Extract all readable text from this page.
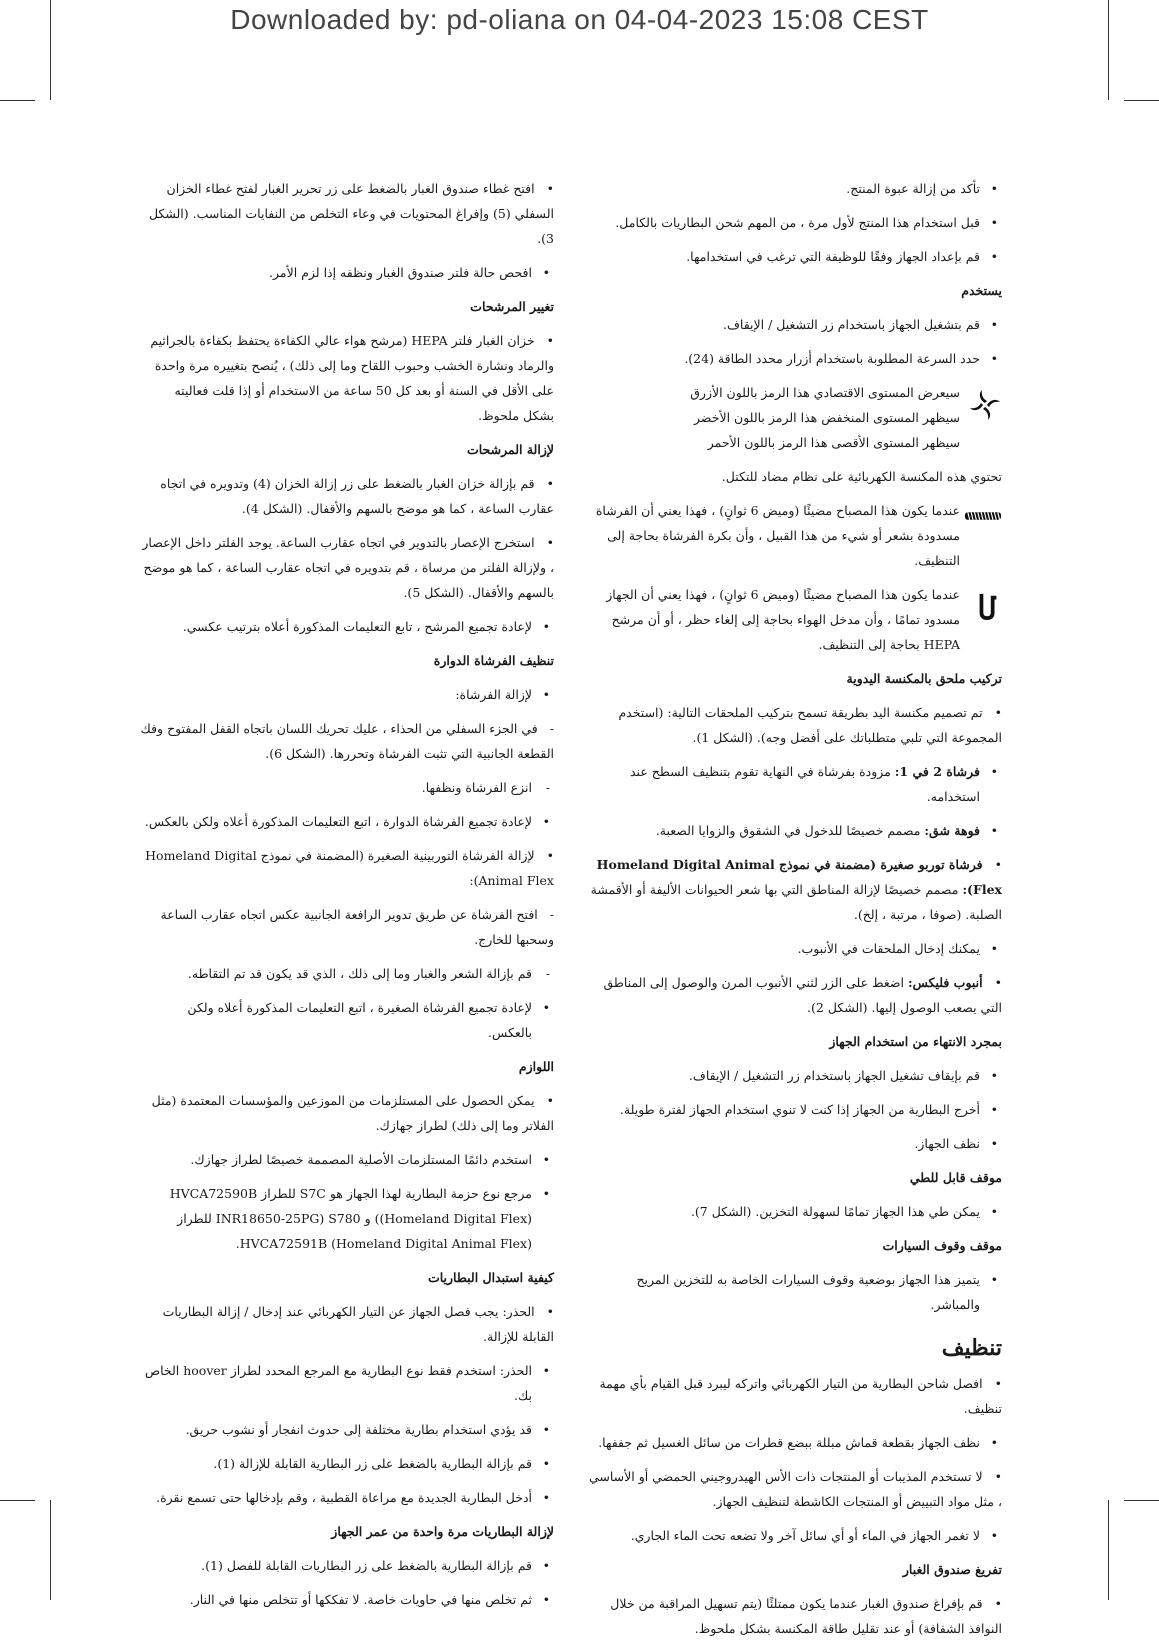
Downloaded by: pd-oliana on 04-04-2023 15:08 CEST
•
تأكد من إزالة عبوة المنتج.
•
قبل استخدام هذا المنتج لأول مرة ، من المهم شحن البطاريات بالكامل.
•
قم بإعداد الجهاز وفقًا للوظيفة التي ترغب في استخدامها.
يستخدم
•
قم بتشغيل الجهاز باستخدام زر التشغيل / الإيقاف.
•
حدد السرعة المطلوبة باستخدام أزرار محدد الطاقة (24).
سيعرض المستوى الاقتصادي هذا الرمز باللون الأزرق
سيظهر المستوى المنخفض هذا الرمز باللون الأخضر
سيظهر المستوى الأقصى هذا الرمز باللون الأحمر
تحتوي هذه المكنسة الكهربائية على نظام مضاد للتكتل.
عندما يكون هذا المصباح مضيئًا (وميض 6 ثوانٍ) ، فهذا يعني أن الفرشاة مسدودة بشعر أو شيء من هذا القبيل ، وأن بكرة الفرشاة بحاجة إلى التنظيف.
عندما يكون هذا المصباح مضيئًا (وميض 6 ثوانٍ) ، فهذا يعني أن الجهاز مسدود تمامًا ، وأن مدخل الهواء بحاجة إلى إلغاء حظر ، أو أن مرشح HEPA بحاجة إلى التنظيف.
تركيب ملحق بالمكنسة اليدوية
•تم تصميم مكنسة اليد بطريقة تسمح بتركيب الملحقات التالية: (استخدم المجموعة التي تلبي متطلباتك على أفضل وجه). (الشكل 1).
•
فرشاة 2 في 1: مزودة بفرشاة في النهاية تقوم بتنظيف السطح عند استخدامه.
•
فوهة شق: مصمم خصيصًا للدخول في الشقوق والزوايا الصعبة.
•فرشاة توربو صغيرة (مضمنة في نموذج Homeland Digital Animal Flex): مصمم خصيصًا لإزالة المناطق التي بها شعر الحيوانات الأليفة أو الأقمشة الصلبة. (صوفا ، مرتبة ، إلخ).
•
يمكنك إدخال الملحقات في الأنبوب.
•أنبوب فليكس: اضغط على الزر لثني الأنبوب المرن والوصول إلى المناطق التي يصعب الوصول إليها. (الشكل 2).
بمجرد الانتهاء من استخدام الجهاز
•
قم بإيقاف تشغيل الجهاز باستخدام زر التشغيل / الإيقاف.
•
أخرج البطارية من الجهاز إذا كنت لا تنوي استخدام الجهاز لفترة طويلة.
•
نظف الجهاز.
موقف قابل للطي
•
يمكن طي هذا الجهاز تمامًا لسهولة التخزين. (الشكل 7).
موقف وقوف السيارات
•
يتميز هذا الجهاز بوضعية وقوف السيارات الخاصة به للتخزين المريح والمباشر.
تنظيف
•افصل شاحن البطارية من التيار الكهربائي واتركه ليبرد قبل القيام بأي مهمة تنظيف.
•
نظف الجهاز بقطعة قماش مبللة ببضع قطرات من سائل الغسيل ثم جففها.
•لا تستخدم المذيبات أو المنتجات ذات الأس الهيدروجيني الحمضي أو الأساسي ، مثل مواد التبييض أو المنتجات الكاشطة لتنظيف الجهاز.
•
لا تغمر الجهاز في الماء أو أي سائل آخر ولا تضعه تحت الماء الجاري.
تفريغ صندوق الغبار
•قم بإفراغ صندوق الغبار عندما يكون ممتلئًا (يتم تسهيل المراقبة من خلال النوافذ الشفافة) أو عند تقليل طاقة المكنسة بشكل ملحوظ.
•افتح غطاء صندوق الغبار بالضغط على زر تحرير الغبار لفتح غطاء الخزان السفلي (5) وإفراغ المحتويات في وعاء التخلص من النفايات المناسب. (الشكل 3).
•
افحص حالة فلتر صندوق الغبار ونظفه إذا لزم الأمر.
تغيير المرشحات
•خزان الغبار فلتر HEPA (مرشح هواء عالي الكفاءة يحتفظ بكفاءة بالجراثيم والرماد ونشارة الخشب وحبوب اللقاح وما إلى ذلك) ، يُنصح بتغييره مرة واحدة على الأقل في السنة أو بعد كل 50 ساعة من الاستخدام أو إذا قلت فعاليته بشكل ملحوظ.
لإزالة المرشحات
•قم بإزالة خزان الغبار بالضغط على زر إزالة الخزان (4) وتدويره في اتجاه عقارب الساعة ، كما هو موضح بالسهم والأقفال. (الشكل 4).
•استخرج الإعصار بالتدوير في اتجاه عقارب الساعة. يوجد الفلتر داخل الإعصار ، ولإزالة الفلتر من مرساة ، قم بتدويره في اتجاه عقارب الساعة ، كما هو موضح بالسهم والأقفال. (الشكل 5).
•
لإعادة تجميع المرشح ، تابع التعليمات المذكورة أعلاه بترتيب عكسي.
تنظيف الفرشاة الدوارة
•
لإزالة الفرشاة:
-في الجزء السفلي من الحذاء ، عليك تحريك اللسان باتجاه القفل المفتوح وفك القطعة الجانبية التي تثبت الفرشاة وتحررها. (الشكل 6).
-
انزع الفرشاة ونظفها.
•
لإعادة تجميع الفرشاة الدوارة ، اتبع التعليمات المذكورة أعلاه ولكن بالعكس.
•لإزالة الفرشاة التوربينية الصغيرة (المضمنة في نموذج Homeland Digital Animal Flex):
-افتح الفرشاة عن طريق تدوير الرافعة الجانبية عكس اتجاه عقارب الساعة وسحبها للخارج.
-
قم بإزالة الشعر والغبار وما إلى ذلك ، الذي قد يكون قد تم التقاطه.
•
لإعادة تجميع الفرشاة الصغيرة ، اتبع التعليمات المذكورة أعلاه ولكن بالعكس.
اللوازم
•يمكن الحصول على المستلزمات من الموزعين والمؤسسات المعتمدة (مثل الفلاتر وما إلى ذلك) لطراز جهازك.
•
استخدم دائمًا المستلزمات الأصلية المصممة خصيصًا لطراز جهازك.
•
مرجع نوع حزمة البطارية لهذا الجهاز هو S7C للطراز HVCA72590B (Homeland Digital Flex)) و INR18650-25PG) S780 للطراز HVCA72591B (Homeland Digital Animal Flex).
كيفية استبدال البطاريات
•الحذر: يجب فصل الجهاز عن التيار الكهربائي عند إدخال / إزالة البطاريات القابلة للإزالة.
•
الحذر: استخدم فقط نوع البطارية مع المرجع المحدد لطراز hoover الخاص بك.
•
قد يؤدي استخدام بطارية مختلفة إلى حدوث انفجار أو نشوب حريق.
•
قم بإزالة البطارية بالضغط على زر البطارية القابلة للإزالة (1).
•
أدخل البطارية الجديدة مع مراعاة القطبية ، وقم بإدخالها حتى تسمع نقرة.
لإزالة البطاريات مرة واحدة من عمر الجهاز
•
قم بإزالة البطارية بالضغط على زر البطاريات القابلة للفصل (1).
•
ثم تخلص منها في حاويات خاصة. لا تفككها أو تتخلص منها في النار.
